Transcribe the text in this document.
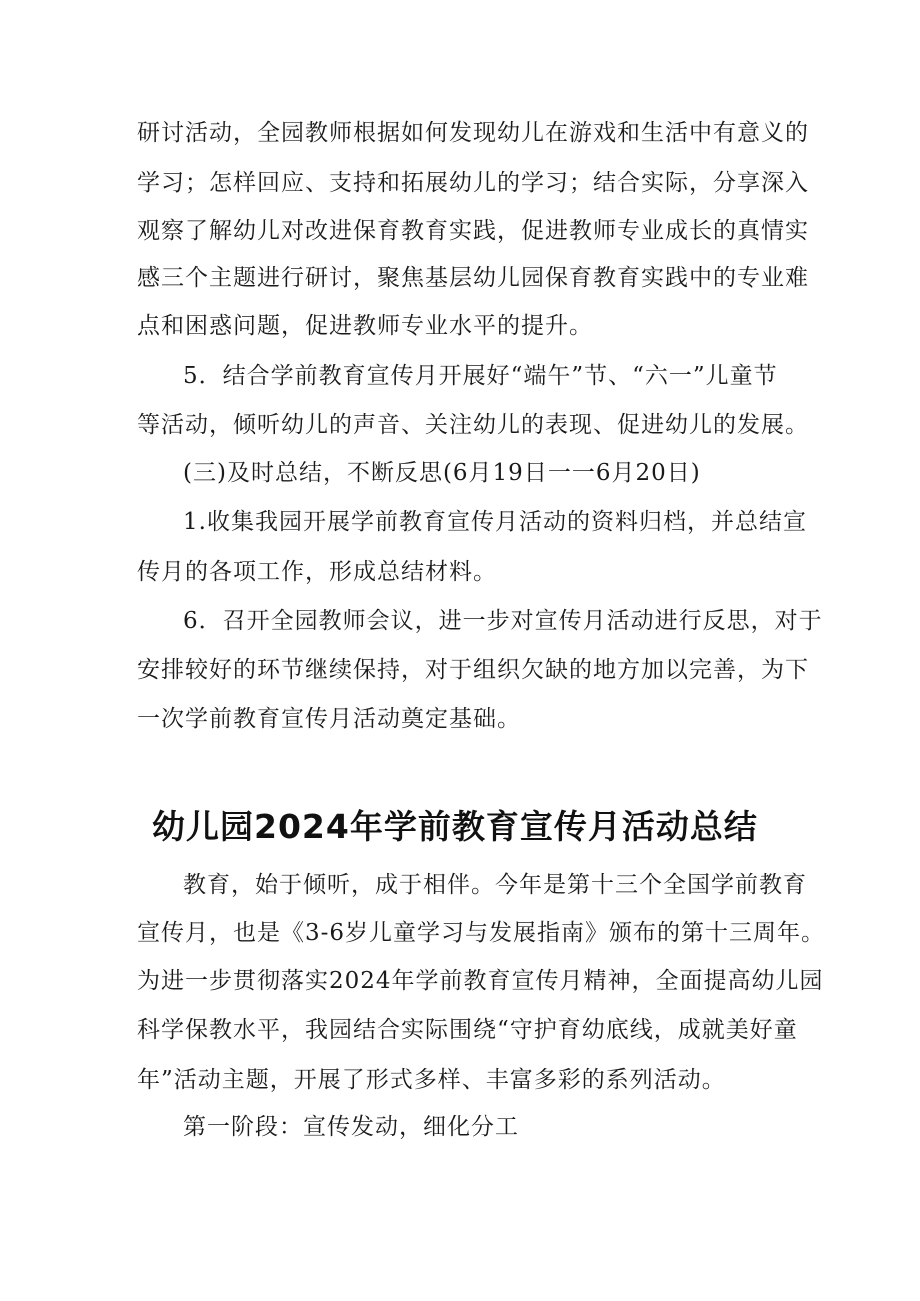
研讨活动，全园教师根据如何发现幼儿在游戏和生活中有意义的
学习；怎样回应、支持和拓展幼儿的学习；结合实际，分享深入
观察了解幼儿对改进保育教育实践，促进教师专业成长的真情实
感三个主题进行研讨，聚焦基层幼儿园保育教育实践中的专业难
点和困惑问题，促进教师专业水平的提升。
5．结合学前教育宣传月开展好“端午”节、“六一”儿童节
等活动，倾听幼儿的声音、关注幼儿的表现、促进幼儿的发展。
(三)及时总结，不断反思(6月19日一一6月20日)
1.收集我园开展学前教育宣传月活动的资料归档，并总结宣
传月的各项工作，形成总结材料。
6．召开全园教师会议，进一步对宣传月活动进行反思，对于
安排较好的环节继续保持，对于组织欠缺的地方加以完善，为下
一次学前教育宣传月活动奠定基础。
幼儿园2024年学前教育宣传月活动总结
教育，始于倾听，成于相伴。今年是第十三个全国学前教育
宣传月，也是《3-6岁儿童学习与发展指南》颁布的第十三周年。
为进一步贯彻落实2024年学前教育宣传月精神，全面提高幼儿园
科学保教水平，我园结合实际围绕“守护育幼底线，成就美好童
年”活动主题，开展了形式多样、丰富多彩的系列活动。
第一阶段：宣传发动，细化分工
